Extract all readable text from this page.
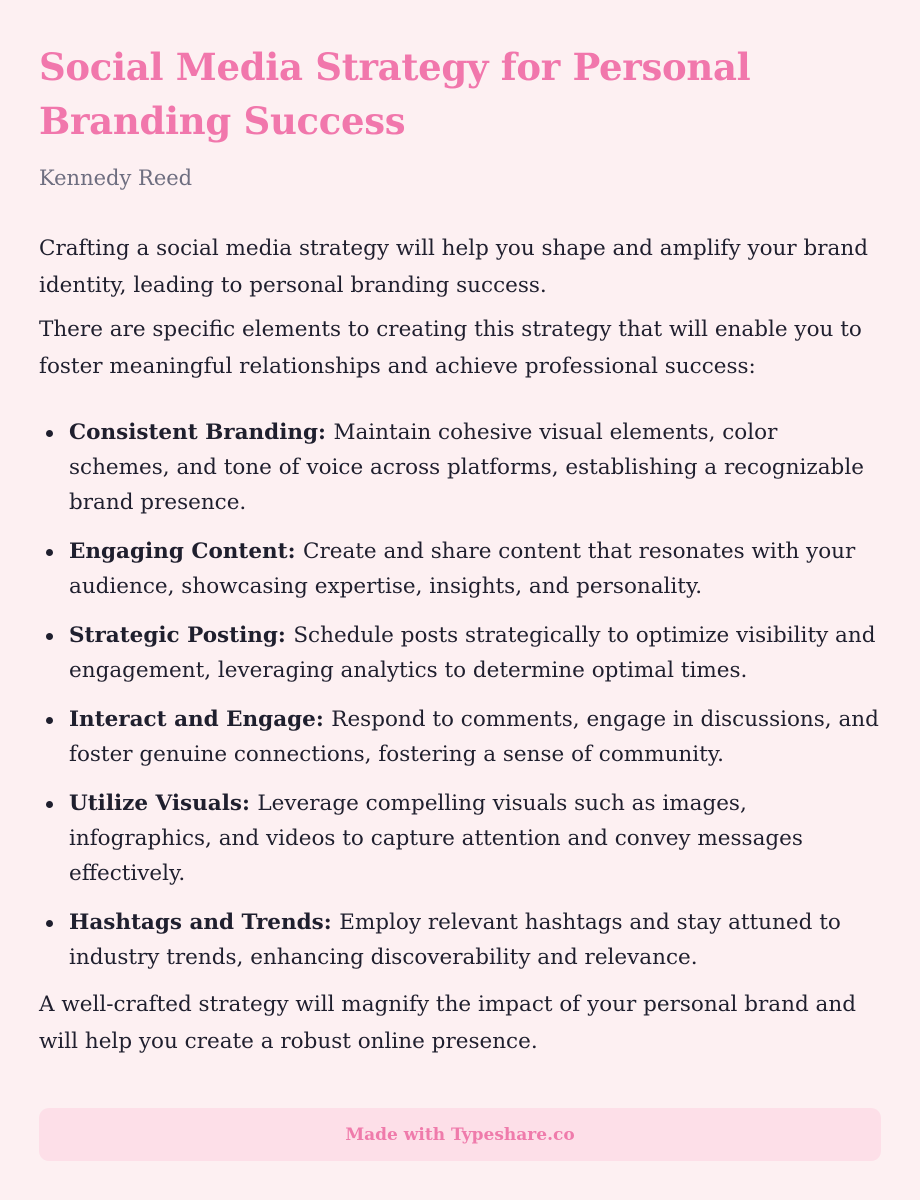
Social Media Strategy for Personal Branding Success
Kennedy Reed

Crafting a social media strategy will help you shape and amplify your brand identity, leading to personal branding success.

There are specific elements to creating this strategy that will enable you to foster meaningful relationships and achieve professional success:

Consistent Branding: Maintain cohesive visual elements, color schemes, and tone of voice across platforms, establishing a recognizable brand presence.
Engaging Content: Create and share content that resonates with your audience, showcasing expertise, insights, and personality.
Strategic Posting: Schedule posts strategically to optimize visibility and engagement, leveraging analytics to determine optimal times.
Interact and Engage: Respond to comments, engage in discussions, and foster genuine connections, fostering a sense of community.
Utilize Visuals: Leverage compelling visuals such as images, infographics, and videos to capture attention and convey messages effectively.
Hashtags and Trends: Employ relevant hashtags and stay attuned to industry trends, enhancing discoverability and relevance.

A well-crafted strategy will magnify the impact of your personal brand and will help you create a robust online presence.

Made with Typeshare.co
